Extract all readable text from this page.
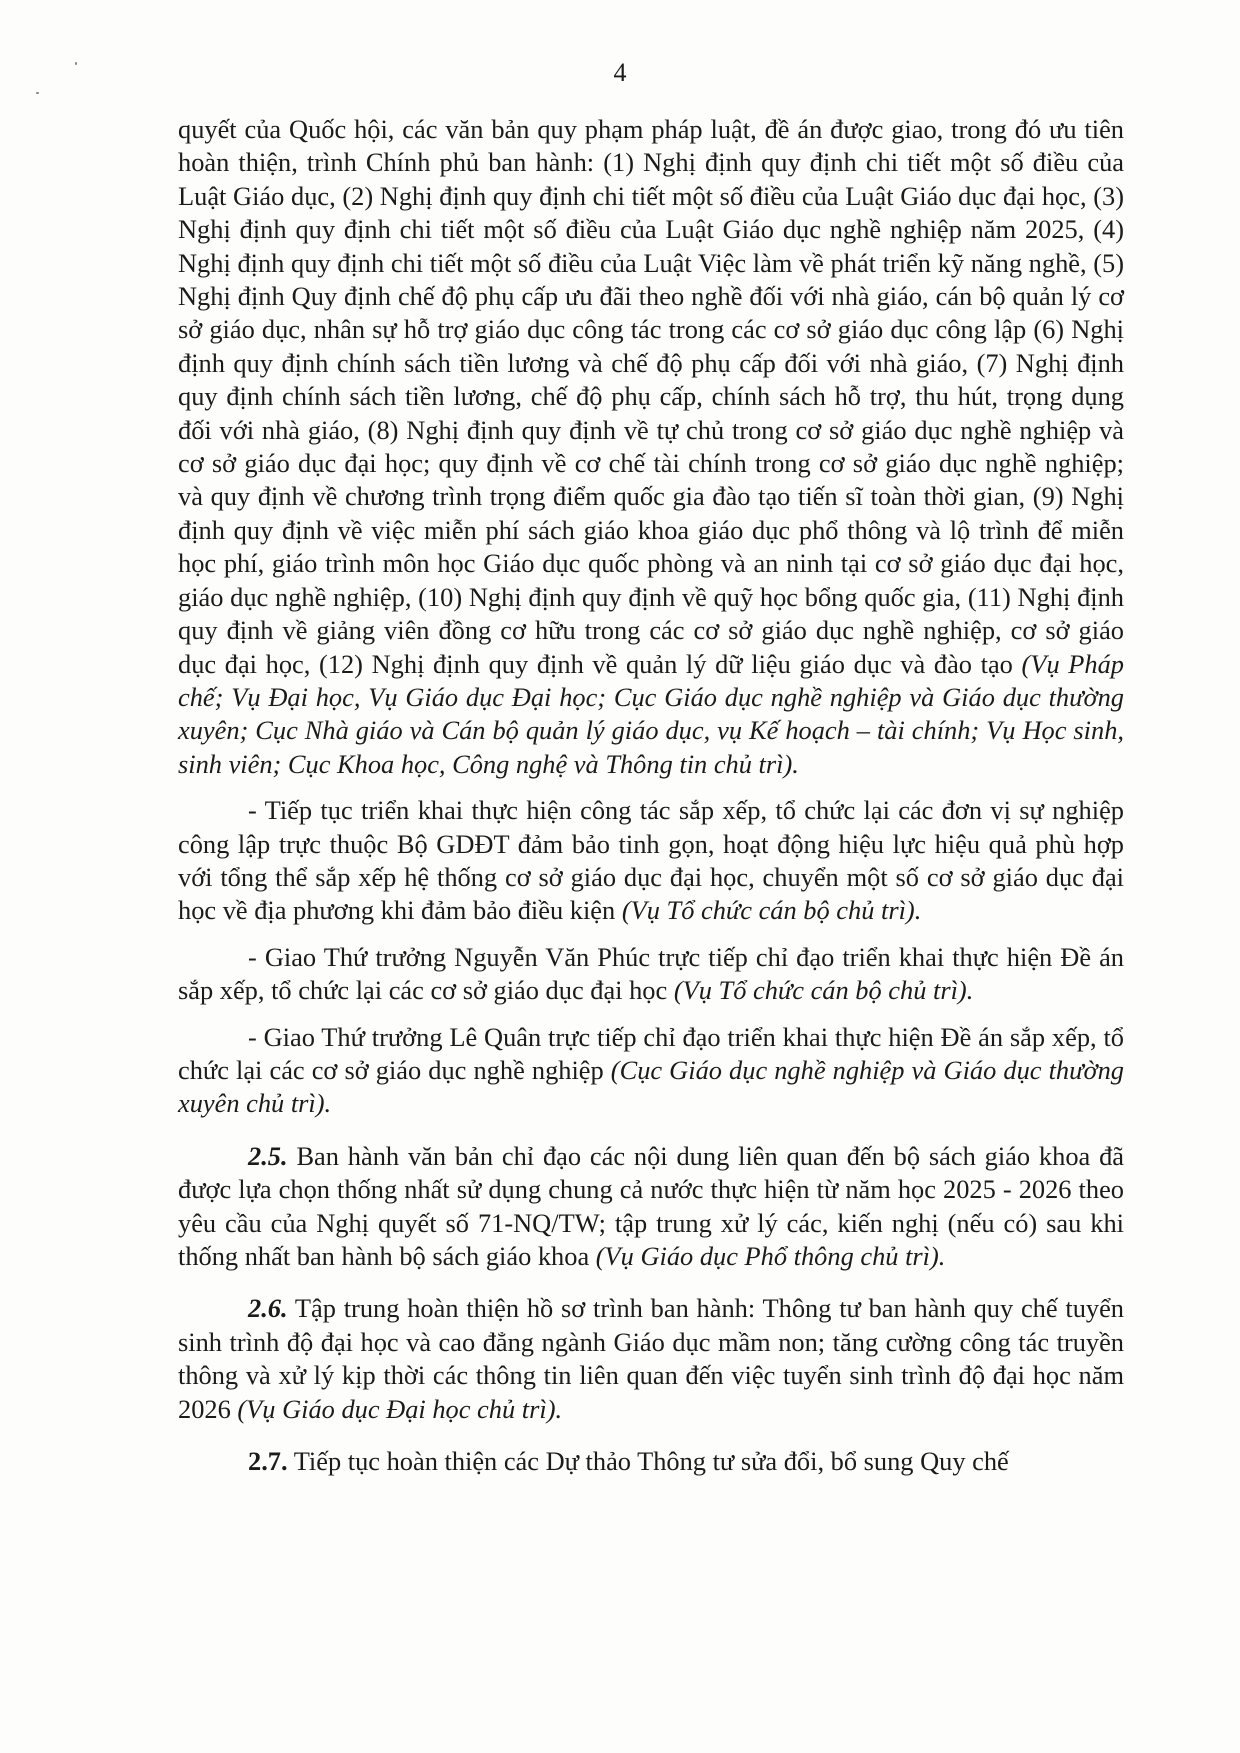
4

quyết của Quốc hội, các văn bản quy phạm pháp luật, đề án được giao, trong đó ưu tiên hoàn thiện, trình Chính phủ ban hành: (1) Nghị định quy định chi tiết một số điều của Luật Giáo dục, (2) Nghị định quy định chi tiết một số điều của Luật Giáo dục đại học, (3) Nghị định quy định chi tiết một số điều của Luật Giáo dục nghề nghiệp năm 2025, (4) Nghị định quy định chi tiết một số điều của Luật Việc làm về phát triển kỹ năng nghề, (5) Nghị định Quy định chế độ phụ cấp ưu đãi theo nghề đối với nhà giáo, cán bộ quản lý cơ sở giáo dục, nhân sự hỗ trợ giáo dục công tác trong các cơ sở giáo dục công lập (6) Nghị định quy định chính sách tiền lương và chế độ phụ cấp đối với nhà giáo, (7) Nghị định quy định chính sách tiền lương, chế độ phụ cấp, chính sách hỗ trợ, thu hút, trọng dụng đối với nhà giáo, (8) Nghị định quy định về tự chủ trong cơ sở giáo dục nghề nghiệp và cơ sở giáo dục đại học; quy định về cơ chế tài chính trong cơ sở giáo dục nghề nghiệp; và quy định về chương trình trọng điểm quốc gia đào tạo tiến sĩ toàn thời gian, (9) Nghị định quy định về việc miễn phí sách giáo khoa giáo dục phổ thông và lộ trình để miễn học phí, giáo trình môn học Giáo dục quốc phòng và an ninh tại cơ sở giáo dục đại học, giáo dục nghề nghiệp, (10) Nghị định quy định về quỹ học bổng quốc gia, (11) Nghị định quy định về giảng viên đồng cơ hữu trong các cơ sở giáo dục nghề nghiệp, cơ sở giáo dục đại học, (12) Nghị định quy định về quản lý dữ liệu giáo dục và đào tạo (Vụ Pháp chế; Vụ Đại học, Vụ Giáo dục Đại học; Cục Giáo dục nghề nghiệp và Giáo dục thường xuyên; Cục Nhà giáo và Cán bộ quản lý giáo dục, vụ Kế hoạch – tài chính; Vụ Học sinh, sinh viên; Cục Khoa học, Công nghệ và Thông tin chủ trì).

- Tiếp tục triển khai thực hiện công tác sắp xếp, tổ chức lại các đơn vị sự nghiệp công lập trực thuộc Bộ GDĐT đảm bảo tinh gọn, hoạt động hiệu lực hiệu quả phù hợp với tổng thể sắp xếp hệ thống cơ sở giáo dục đại học, chuyển một số cơ sở giáo dục đại học về địa phương khi đảm bảo điều kiện (Vụ Tổ chức cán bộ chủ trì).

- Giao Thứ trưởng Nguyễn Văn Phúc trực tiếp chỉ đạo triển khai thực hiện Đề án sắp xếp, tổ chức lại các cơ sở giáo dục đại học (Vụ Tổ chức cán bộ chủ trì).

- Giao Thứ trưởng Lê Quân trực tiếp chỉ đạo triển khai thực hiện Đề án sắp xếp, tổ chức lại các cơ sở giáo dục nghề nghiệp (Cục Giáo dục nghề nghiệp và Giáo dục thường xuyên chủ trì).

2.5. Ban hành văn bản chỉ đạo các nội dung liên quan đến bộ sách giáo khoa đã được lựa chọn thống nhất sử dụng chung cả nước thực hiện từ năm học 2025 - 2026 theo yêu cầu của Nghị quyết số 71-NQ/TW; tập trung xử lý các, kiến nghị (nếu có) sau khi thống nhất ban hành bộ sách giáo khoa (Vụ Giáo dục Phổ thông chủ trì).

2.6. Tập trung hoàn thiện hồ sơ trình ban hành: Thông tư ban hành quy chế tuyển sinh trình độ đại học và cao đẳng ngành Giáo dục mầm non; tăng cường công tác truyền thông và xử lý kịp thời các thông tin liên quan đến việc tuyển sinh trình độ đại học năm 2026 (Vụ Giáo dục Đại học chủ trì).

2.7. Tiếp tục hoàn thiện các Dự thảo Thông tư sửa đổi, bổ sung Quy chế
